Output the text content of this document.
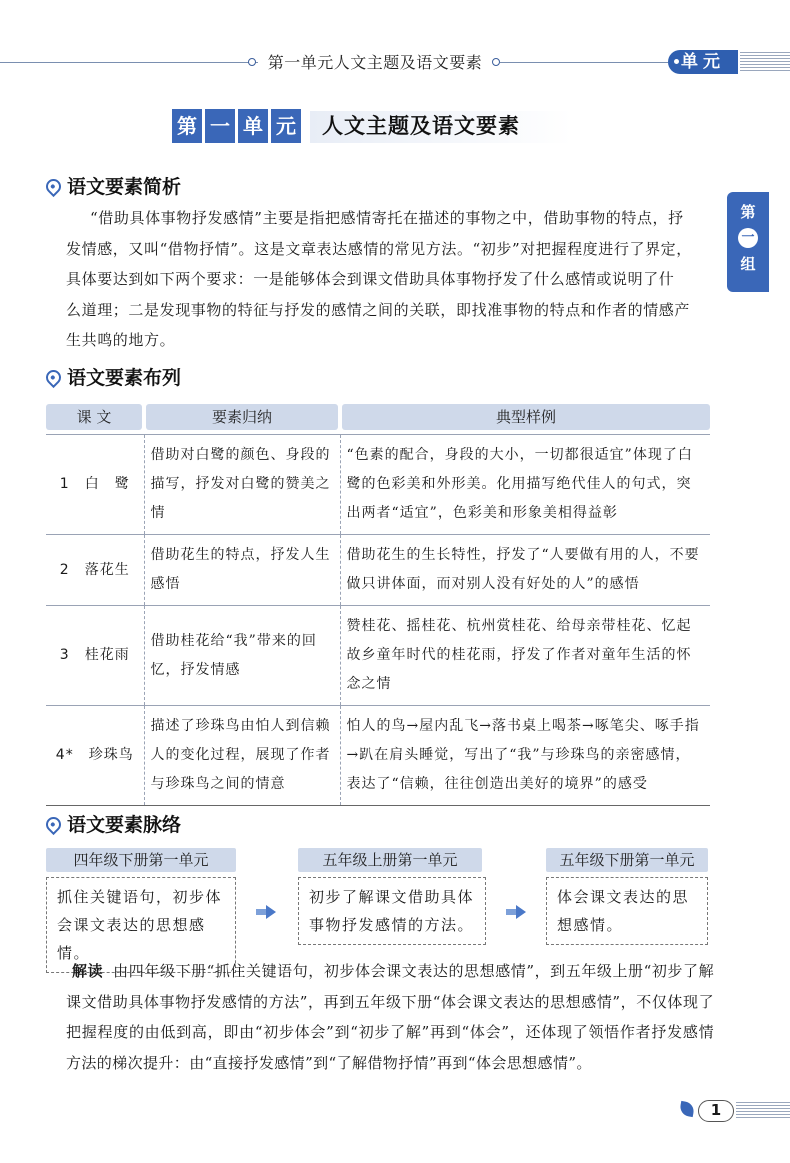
第一单元人文主题及语文要素	单元
第
一
组
第 一 单 元 人文主题及语文要素
语文要素简析
“借助具体事物抒发感情”主要是指把感情寄托在描述的事物之中，借助事物的特点，抒
发情感，又叫“借物抒情”。这是文章表达感情的常见方法。“初步”对把握程度进行了界定，
具体要达到如下两个要求：一是能够体会到课文借助具体事物抒发了什么感情或说明了什
么道理；二是发现事物的特征与抒发的感情之间的关联，即找准事物的特点和作者的情感产
生共鸣的地方。
语文要素布列
课 文	要素归纳	典型样例
1　白　鹭	借助对白鹭的颜色、身段的描写，抒发对白鹭的赞美之情	“色素的配合，身段的大小，一切都很适宜”体现了白鹭的色彩美和外形美。化用描写绝代佳人的句式，突出两者“适宜”，色彩美和形象美相得益彰
2　落花生	借助花生的特点，抒发人生感悟	借助花生的生长特性，抒发了“人要做有用的人，不要做只讲体面，而对别人没有好处的人”的感悟
3　桂花雨	借助桂花给“我”带来的回忆，抒发情感	赞桂花、摇桂花、杭州赏桂花、给母亲带桂花、忆起故乡童年时代的桂花雨，抒发了作者对童年生活的怀念之情
4*　珍珠鸟	描述了珍珠鸟由怕人到信赖人的变化过程，展现了作者与珍珠鸟之间的情意	怕人的鸟→屋内乱飞→落书桌上喝茶→啄笔尖、啄手指→趴在肩头睡觉，写出了“我”与珍珠鸟的亲密感情，表达了“信赖，往往创造出美好的境界”的感受
语文要素脉络
四年级下册第一单元
抓住关键语句，初步体会课文表达的思想感情。
五年级上册第一单元
初步了解课文借助具体事物抒发感情的方法。
五年级下册第一单元
体会课文表达的思想感情。
解读 由四年级下册“抓住关键语句，初步体会课文表达的思想感情”，到五年级上册“初步了解课文借助具体事物抒发感情的方法”，再到五年级下册“体会课文表达的思想感情”，不仅体现了把握程度的由低到高，即由“初步体会”到“初步了解”再到“体会”，还体现了领悟作者抒发感情方法的梯次提升：由“直接抒发感情”到“了解借物抒情”再到“体会思想感情”。
1
